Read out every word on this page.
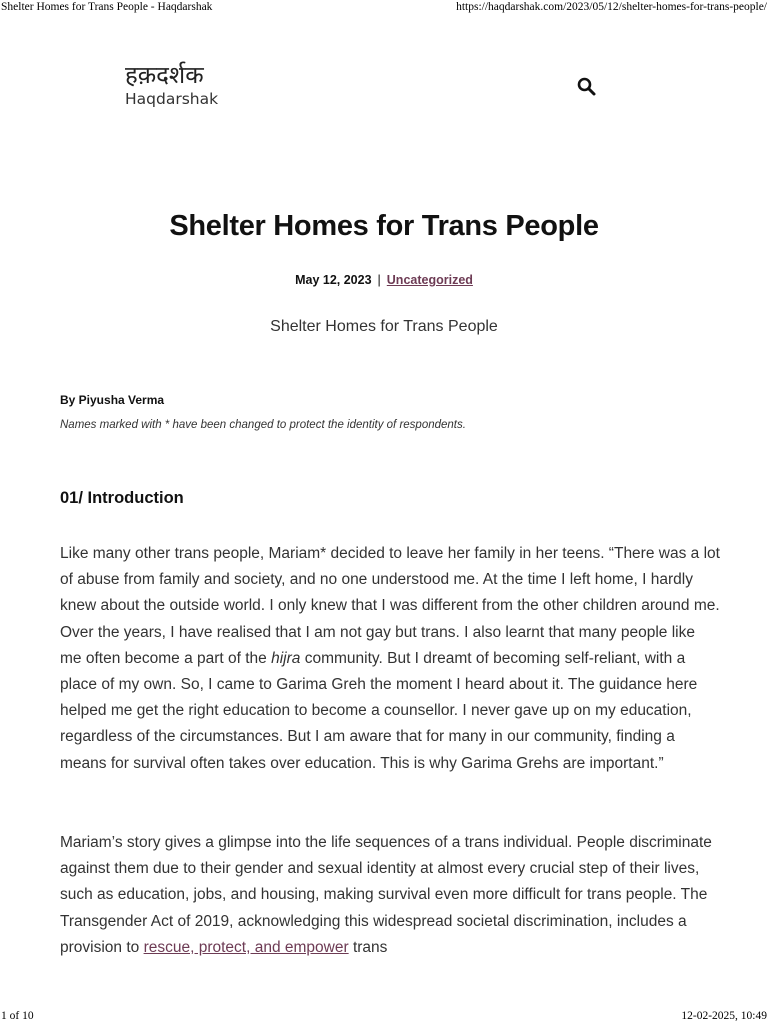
Shelter Homes for Trans People - Haqdarshak	https://haqdarshak.com/2023/05/12/shelter-homes-for-trans-people/
हक़दर्शक
Haqdarshak
Shelter Homes for Trans People
May 12, 2023 | Uncategorized
Shelter Homes for Trans People
By Piyusha Verma
Names marked with * have been changed to protect the identity of respondents.
01/ Introduction

Like many other trans people, Mariam* decided to leave her family in her teens. “There was a lot of abuse from family and society, and no one understood me. At the time I left home, I hardly knew about the outside world. I only knew that I was different from the other children around me. Over the years, I have realised that I am not gay but trans. I also learnt that many people like me often become a part of the hijra community. But I dreamt of becoming self-reliant, with a place of my own. So, I came to Garima Greh the moment I heard about it. The guidance here helped me get the right education to become a counsellor. I never gave up on my education, regardless of the circumstances. But I am aware that for many in our community, finding a means for survival often takes over education. This is why Garima Grehs are important.”

Mariam’s story gives a glimpse into the life sequences of a trans individual. People discriminate against them due to their gender and sexual identity at almost every crucial step of their lives, such as education, jobs, and housing, making survival even more difficult for trans people. The Transgender Act of 2019, acknowledging this widespread societal discrimination, includes a provision to rescue, protect, and empower trans

1 of 10	12-02-2025, 10:49
